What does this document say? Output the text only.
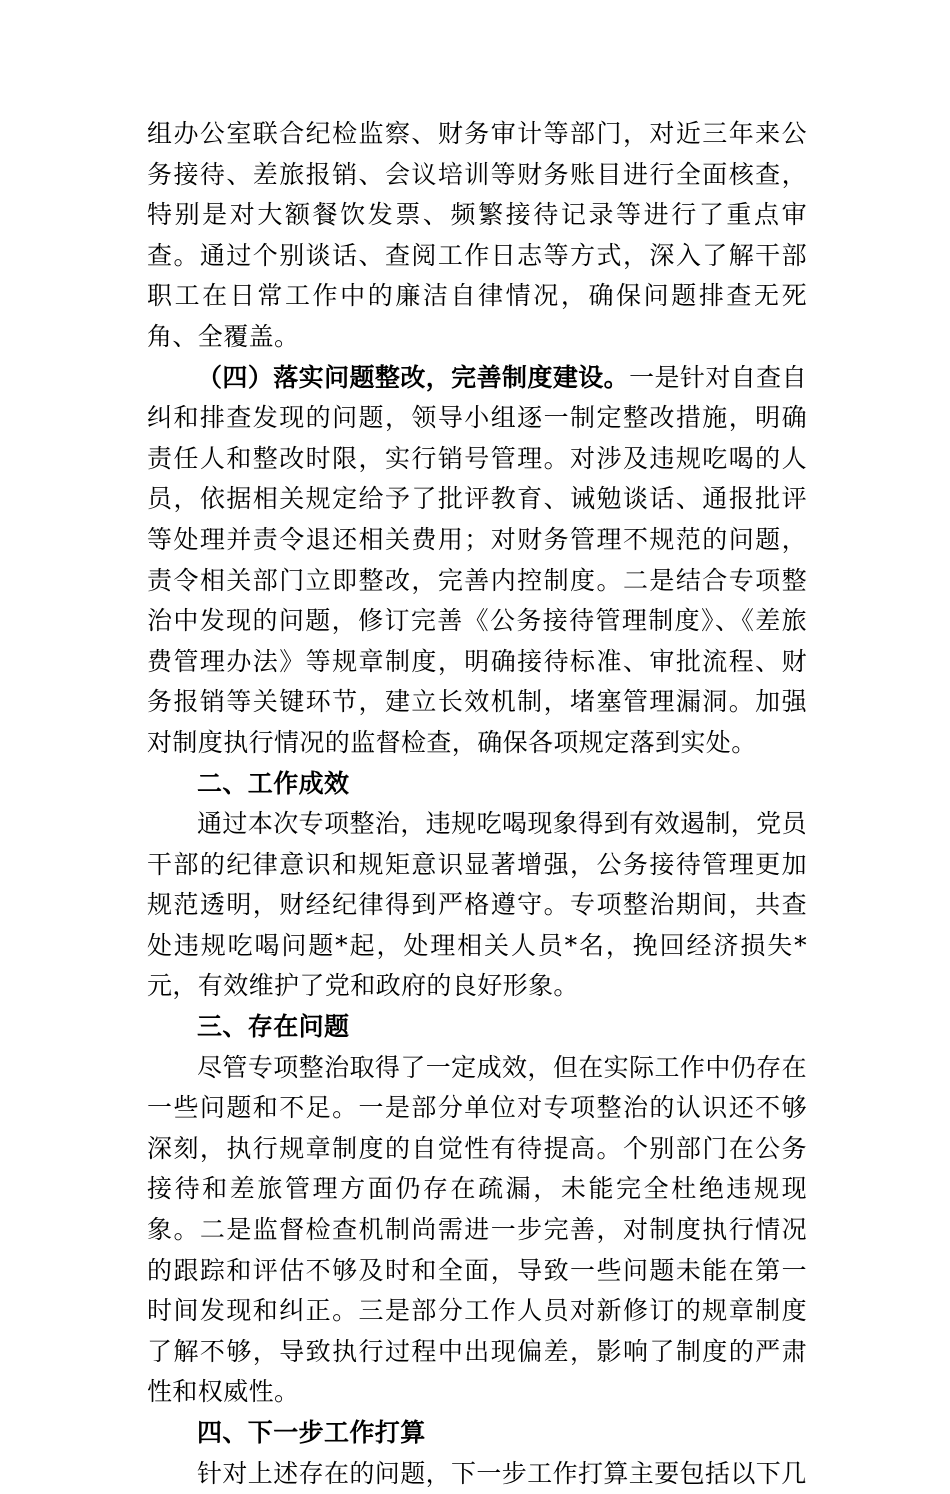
组办公室联合纪检监察、财务审计等部门，对近三年来公务接待、差旅报销、会议培训等财务账目进行全面核查，特别是对大额餐饮发票、频繁接待记录等进行了重点审查。通过个别谈话、查阅工作日志等方式，深入了解干部职工在日常工作中的廉洁自律情况，确保问题排查无死角、全覆盖。

（四）落实问题整改，完善制度建设。一是针对自查自纠和排查发现的问题，领导小组逐一制定整改措施，明确责任人和整改时限，实行销号管理。对涉及违规吃喝的人员，依据相关规定给予了批评教育、诫勉谈话、通报批评等处理并责令退还相关费用；对财务管理不规范的问题，责令相关部门立即整改，完善内控制度。二是结合专项整治中发现的问题，修订完善《公务接待管理制度》、《差旅费管理办法》等规章制度，明确接待标准、审批流程、财务报销等关键环节，建立长效机制，堵塞管理漏洞。加强对制度执行情况的监督检查，确保各项规定落到实处。

二、工作成效

通过本次专项整治，违规吃喝现象得到有效遏制，党员干部的纪律意识和规矩意识显著增强，公务接待管理更加规范透明，财经纪律得到严格遵守。专项整治期间，共查处违规吃喝问题*起，处理相关人员*名，挽回经济损失*元，有效维护了党和政府的良好形象。

三、存在问题

尽管专项整治取得了一定成效，但在实际工作中仍存在一些问题和不足。一是部分单位对专项整治的认识还不够深刻，执行规章制度的自觉性有待提高。个别部门在公务接待和差旅管理方面仍存在疏漏，未能完全杜绝违规现象。二是监督检查机制尚需进一步完善，对制度执行情况的跟踪和评估不够及时和全面，导致一些问题未能在第一时间发现和纠正。三是部分工作人员对新修订的规章制度了解不够，导致执行过程中出现偏差，影响了制度的严肃性和权威性。

四、下一步工作打算

针对上述存在的问题，下一步工作打算主要包括以下几
